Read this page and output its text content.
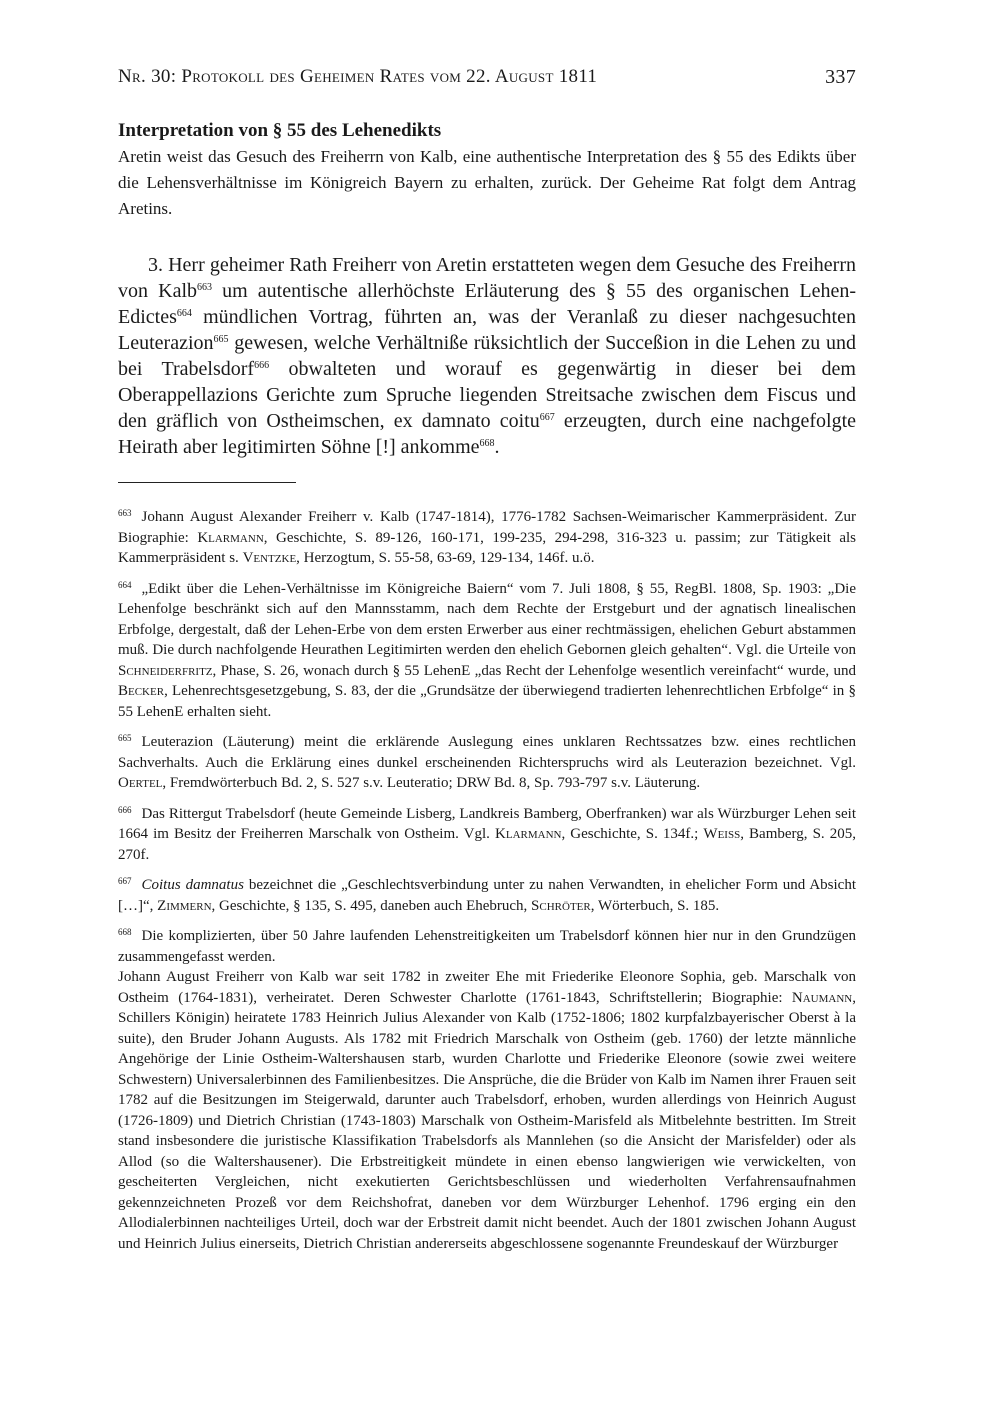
Nr. 30: Protokoll des Geheimen Rates vom 22. August 1811	337

Interpretation von § 55 des Lehenedikts

Aretin weist das Gesuch des Freiherrn von Kalb, eine authentische Interpretation des § 55 des Edikts über die Lehensverhältnisse im Königreich Bayern zu erhalten, zurück. Der Geheime Rat folgt dem Antrag Aretins.

3. Herr geheimer Rath Freiherr von Aretin erstatteten wegen dem Gesuche des Freiherrn von Kalb$^{663}$ um autentische allerhöchste Erläuterung des § 55 des organischen Lehen-Edictes$^{664}$ mündlichen Vortrag, führten an, was der Veranlaß zu dieser nachgesuchten Leuterazion$^{665}$ gewesen, welche Verhältniße rüksichtlich der Succeßion in die Lehen zu und bei Trabelsdorf$^{666}$ obwalteten und worauf es gegenwärtig in dieser bei dem Oberappellazions Gerichte zum Spruche liegenden Streitsache zwischen dem Fiscus und den gräflich von Ostheimschen, ex damnato coitu$^{667}$ erzeugten, durch eine nachgefolgte Heirath aber legitimirten Söhne [!] ankomme$^{668}$.

$^{663}$ Johann August Alexander Freiherr v. Kalb (1747-1814), 1776-1782 Sachsen-Weimarischer Kammerpräsident. Zur Biographie: Klarmann, Geschichte, S. 89-126, 160-171, 199-235, 294-298, 316-323 u. passim; zur Tätigkeit als Kammerpräsident s. Ventzke, Herzogtum, S. 55-58, 63-69, 129-134, 146f. u.ö.

$^{664}$ „Edikt über die Lehen-Verhältnisse im Königreiche Baiern“ vom 7. Juli 1808, § 55, RegBl. 1808, Sp. 1903: „Die Lehenfolge beschränkt sich auf den Mannsstamm, nach dem Rechte der Erstgeburt und der agnatisch linealischen Erbfolge, dergestalt, daß der Lehen-Erbe von dem ersten Erwerber aus einer rechtmässigen, ehelichen Geburt abstammen muß. Die durch nachfolgende Heurathen Legitimirten werden den ehelich Gebornen gleich gehalten“. Vgl. die Urteile von Schneiderfritz, Phase, S. 26, wonach durch § 55 LehenE „das Recht der Lehenfolge wesentlich vereinfacht“ wurde, und Becker, Lehenrechtsgesetzgebung, S. 83, der die „Grundsätze der überwiegend tradierten lehenrechtlichen Erbfolge“ in § 55 LehenE erhalten sieht.

$^{665}$ Leuterazion (Läuterung) meint die erklärende Auslegung eines unklaren Rechtssatzes bzw. eines rechtlichen Sachverhalts. Auch die Erklärung eines dunkel erscheinenden Richterspruchs wird als Leuterazion bezeichnet. Vgl. Oertel, Fremdwörterbuch Bd. 2, S. 527 s.v. Leuteratio; DRW Bd. 8, Sp. 793-797 s.v. Läuterung.

$^{666}$ Das Rittergut Trabelsdorf (heute Gemeinde Lisberg, Landkreis Bamberg, Oberfranken) war als Würzburger Lehen seit 1664 im Besitz der Freiherren Marschalk von Ostheim. Vgl. Klarmann, Geschichte, S. 134f.; Weiss, Bamberg, S. 205, 270f.

$^{667}$ Coitus damnatus bezeichnet die „Geschlechtsverbindung unter zu nahen Verwandten, in ehelicher Form und Absicht […]“, Zimmern, Geschichte, § 135, S. 495, daneben auch Ehebruch, Schröter, Wörterbuch, S. 185.

$^{668}$ Die komplizierten, über 50 Jahre laufenden Lehenstreitigkeiten um Trabelsdorf können hier nur in den Grundzügen zusammengefasst werden.

Johann August Freiherr von Kalb war seit 1782 in zweiter Ehe mit Friederike Eleonore Sophia, geb. Marschalk von Ostheim (1764-1831), verheiratet. Deren Schwester Charlotte (1761-1843, Schriftstellerin; Biographie: Naumann, Schillers Königin) heiratete 1783 Heinrich Julius Alexander von Kalb (1752-1806; 1802 kurpfalzbayerischer Oberst à la suite), den Bruder Johann Augusts. Als 1782 mit Friedrich Marschalk von Ostheim (geb. 1760) der letzte männliche Angehörige der Linie Ostheim-Waltershausen starb, wurden Charlotte und Friederike Eleonore (sowie zwei weitere Schwestern) Universalerbinnen des Familienbesitzes. Die Ansprüche, die die Brüder von Kalb im Namen ihrer Frauen seit 1782 auf die Besitzungen im Steigerwald, darunter auch Trabelsdorf, erhoben, wurden allerdings von Heinrich August (1726-1809) und Dietrich Christian (1743-1803) Marschalk von Ostheim-Marisfeld als Mitbelehnte bestritten. Im Streit stand insbesondere die juristische Klassifikation Trabelsdorfs als Mannlehen (so die Ansicht der Marisfelder) oder als Allod (so die Waltershausener). Die Erbstreitigkeit mündete in einen ebenso langwierigen wie verwickelten, von gescheiterten Vergleichen, nicht exekutierten Gerichtsbeschlüssen und wiederholten Verfahrensaufnahmen gekennzeichneten Prozeß vor dem Reichshofrat, daneben vor dem Würzburger Lehenhof. 1796 erging ein den Allodialerbinnen nachteiliges Urteil, doch war der Erbstreit damit nicht beendet. Auch der 1801 zwischen Johann August und Heinrich Julius einerseits, Dietrich Christian andererseits abgeschlossene sogenannte Freundeskauf der Würzburger
